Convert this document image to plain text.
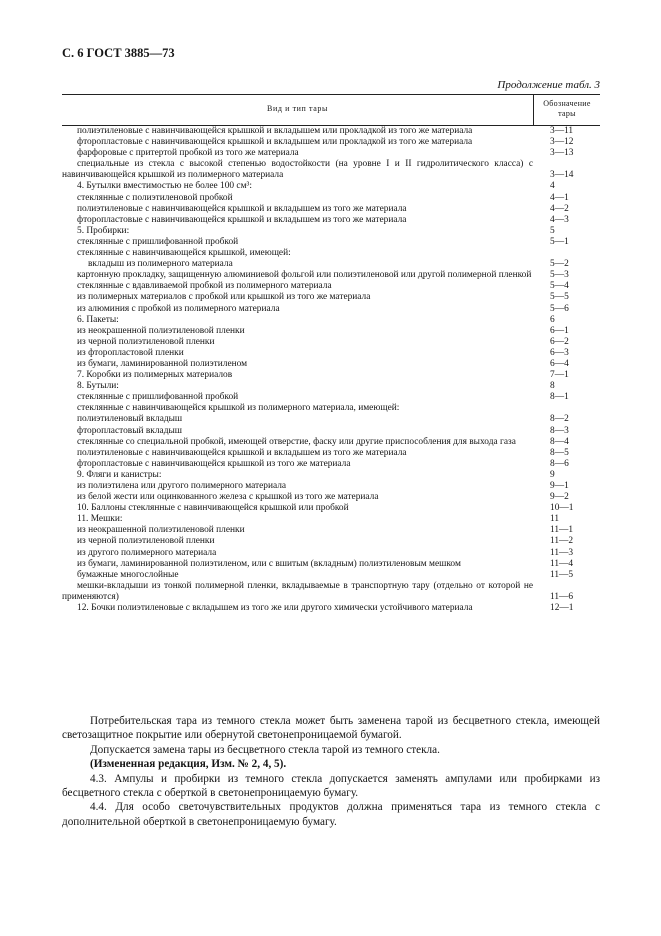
С. 6 ГОСТ 3885—73
Продолжение табл. 3
Вид и тип тары
Обозначение
тары
полиэтиленовые с навинчивающейся крышкой и вкладышем или прокладкой из того же материала	3—11
фторопластовые с навинчивающейся крышкой и вкладышем или прокладкой из того же материала	3—12
фарфоровые с притертой пробкой из того же материала	3—13
специальные из стекла с высокой степенью водостойкости (на уровне I и II гидролитического класса) с навинчивающейся крышкой из полимерного материала	3—14
4. Бутылки вместимостью не более 100 см³:	4
стеклянные с полиэтиленовой пробкой	4—1
полиэтиленовые с навинчивающейся крышкой и вкладышем из того же материала	4—2
фторопластовые с навинчивающейся крышкой и вкладышем из того же материала	4—3
5. Пробирки:	5
стеклянные с пришлифованной пробкой	5—1
стеклянные с навинчивающейся крышкой, имеющей:
вкладыш из полимерного материала	5—2
картонную прокладку, защищенную алюминиевой фольгой или полиэтиленовой или другой полимерной пленкой	5—3
стеклянные с вдавливаемой пробкой из полимерного материала	5—4
из полимерных материалов с пробкой или крышкой из того же материала	5—5
из алюминия с пробкой из полимерного материала	5—6
6. Пакеты:	6
из неокрашенной полиэтиленовой пленки	6—1
из черной полиэтиленовой пленки	6—2
из фторопластовой пленки	6—3
из бумаги, ламинированной полиэтиленом	6—4
7. Коробки из полимерных материалов	7—1
8. Бутыли:	8
стеклянные с пришлифованной пробкой	8—1
стеклянные с навинчивающейся крышкой из полимерного материала, имеющей:
полиэтиленовый вкладыш	8—2
фторопластовый вкладыш	8—3
стеклянные со специальной пробкой, имеющей отверстие, фаску или другие приспособления для выхода газа	8—4
полиэтиленовые с навинчивающейся крышкой и вкладышем из того же материала	8—5
фторопластовые с навинчивающейся крышкой из того же материала	8—6
9. Фляги и канистры:	9
из полиэтилена или другого полимерного материала	9—1
из белой жести или оцинкованного железа с крышкой из того же материала	9—2
10. Баллоны стеклянные с навинчивающейся крышкой или пробкой	10—1
11. Мешки:	11
из неокрашенной полиэтиленовой пленки	11—1
из черной полиэтиленовой пленки	11—2
из другого полимерного материала	11—3
из бумаги, ламинированной полиэтиленом, или с вшитым (вкладным) полиэтиленовым мешком	11—4
бумажные многослойные	11—5
мешки-вкладыши из тонкой полимерной пленки, вкладываемые в транспортную тару (отдельно от которой не применяются)	11—6
12. Бочки полиэтиленовые с вкладышем из того же или другого химически устойчивого материала	12—1

Потребительская тара из темного стекла может быть заменена тарой из бесцветного стекла, имеющей светозащитное покрытие или обернутой светонепроницаемой бумагой.

Допускается замена тары из бесцветного стекла тарой из темного стекла.

(Измененная редакция, Изм. № 2, 4, 5).

4.3. Ампулы и пробирки из темного стекла допускается заменять ампулами или пробирками из бесцветного стекла с оберткой в светонепроницаемую бумагу.

4.4. Для особо светочувствительных продуктов должна применяться тара из темного стекла с дополнительной оберткой в светонепроницаемую бумагу.
